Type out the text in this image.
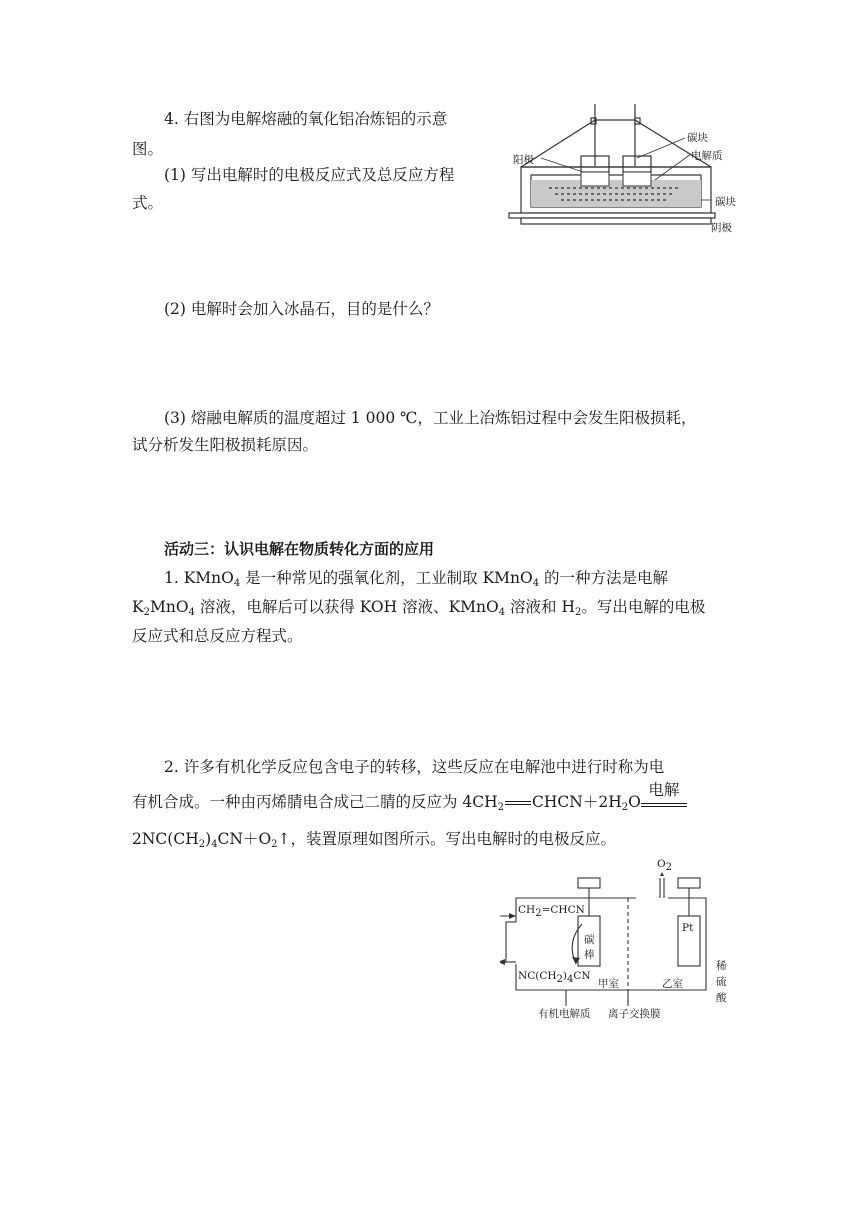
4. 右图为电解熔融的氧化铝冶炼铝的示意

图。

(1) 写出电解时的电极反应式及总反应方程

式。

(2) 电解时会加入冰晶石，目的是什么？

(3) 熔融电解质的温度超过 1 000 ℃，工业上冶炼铝过程中会发生阳极损耗，

试分析发生阳极损耗原因。

碳块
阳极	电解质
碳块
阴极

活动三：认识电解在物质转化方面的应用

1. KMnO$_4$ 是一种常见的强氧化剂，工业制取 KMnO$_4$ 的一种方法是电解

$K_2MnO_4$ 溶液，电解后可以获得 KOH 溶液、KMnO$_4$ 溶液和 $H_2$。写出电解的电极

反应式和总反应方程式。

2. 许多有机化学反应包含电子的转移，这些反应在电解池中进行时称为电

有机合成。一种由丙烯腈电合成己二腈的反应为 $4CH_2$ $CHCN+2H_2O$
电解

$2NC(CH_2)_4CN+O_2↑$，装置原理如图所示。写出电解时的电极反应。

$O_2$
$CH_2=CHCN$
$NC(CH_2)_4CN$
碳
棒
Pt
甲室	乙室
稀
硫
酸
有机电解质 离子交换膜
